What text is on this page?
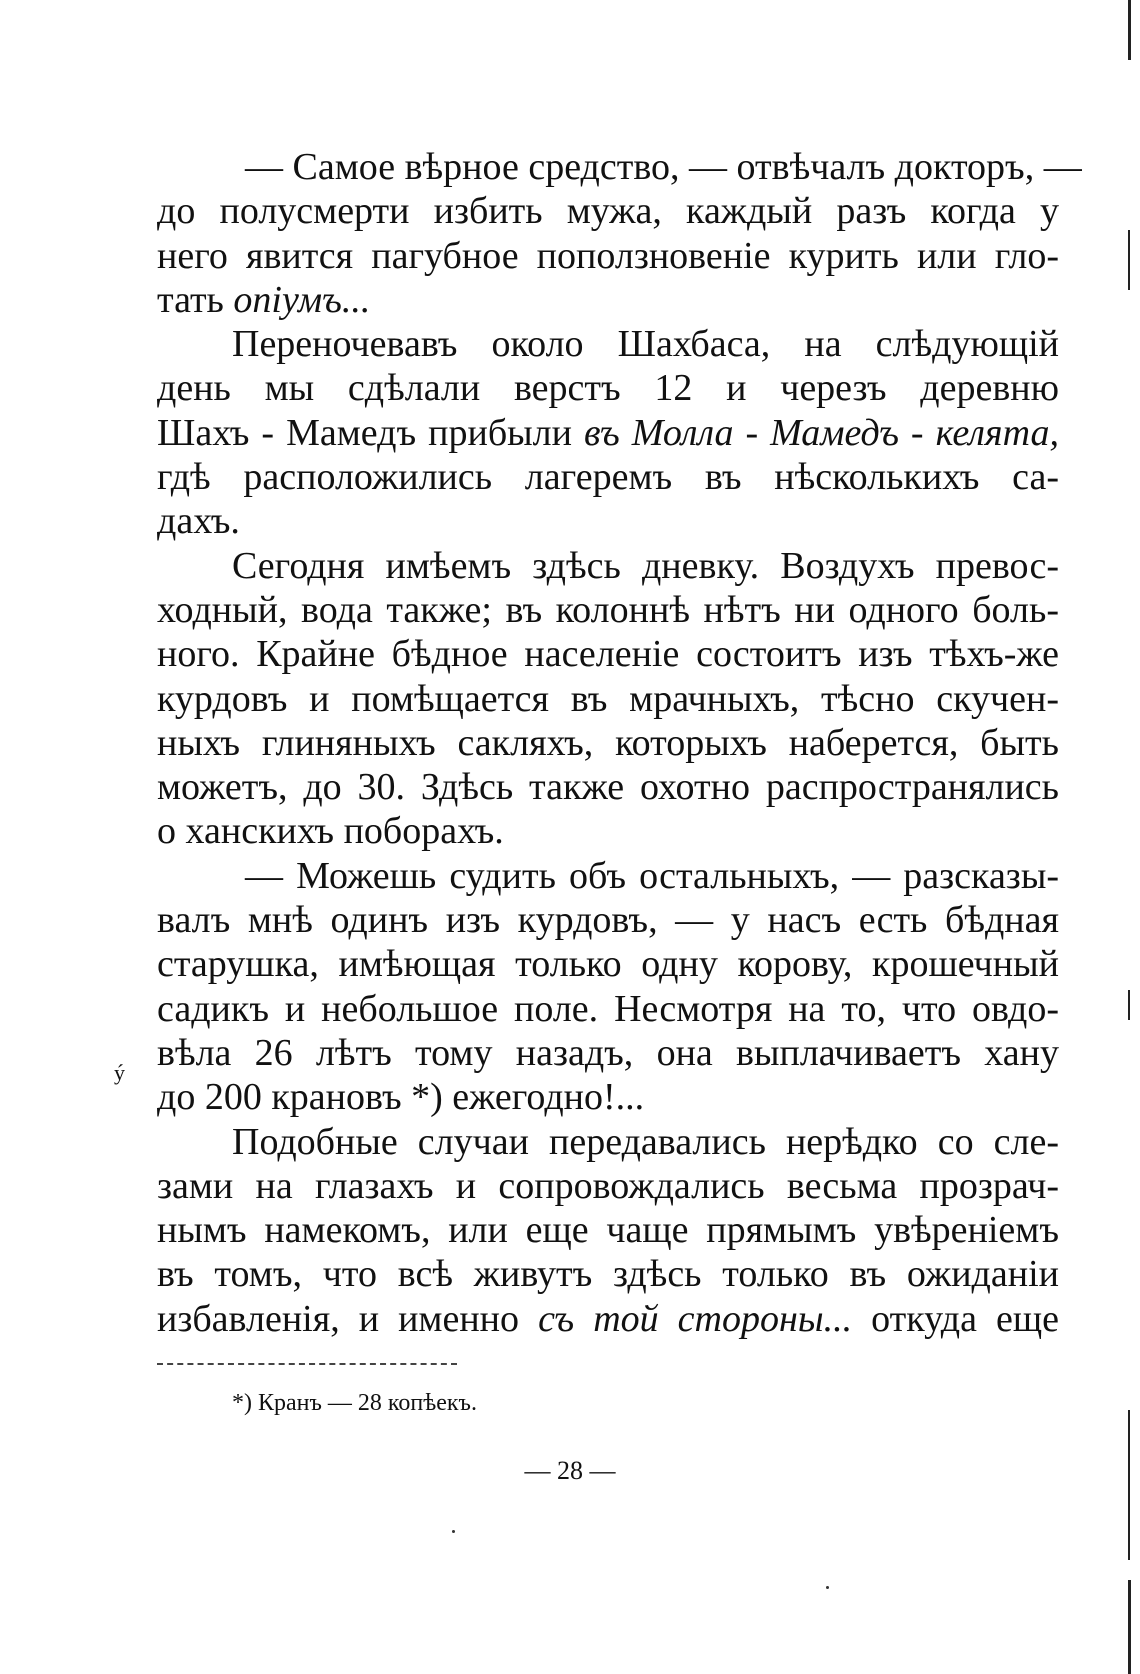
— Самое вѣрное средство, — отвѣчалъ докторъ, —
до полусмерти избить мужа, каждый разъ когда у
него явится пагубное поползновенiе курить или гло-
тать опiумъ...
Переночевавъ около Шахбаса, на слѣдующiй
день мы сдѣлали верстъ 12 и черезъ деревню
Шахъ - Мамедъ прибыли въ Молла - Мамедъ - келята,
гдѣ расположились лагеремъ въ нѣсколькихъ са-
дахъ.
Сегодня имѣемъ здѣсь дневку. Воздухъ превос-
ходный, вода также; въ колоннѣ нѣтъ ни одного боль-
ного. Крайне бѣдное населенiе состоитъ изъ тѣхъ-же
курдовъ и помѣщается въ мрачныхъ, тѣсно скучен-
ныхъ глиняныхъ сакляхъ, которыхъ наберется, быть
можетъ, до 30. Здѣсь также охотно распространялись
о ханскихъ поборахъ.
— Можешь судить объ остальныхъ, — разсказы-
валъ мнѣ одинъ изъ курдовъ, — у насъ есть бѣдная
старушка, имѣющая только одну корову, крошечный
садикъ и небольшое поле. Несмотря на то, что овдо-
вѣла 26 лѣтъ тому назадъ, она выплачиваетъ хану
до 200 крановъ *) ежегодно!...
Подобные случаи передавались нерѣдко со сле-
зами на глазахъ и сопровождались весьма прозрач-
нымъ намекомъ, или еще чаще прямымъ увѣренiемъ
въ томъ, что всѣ живутъ здѣсь только въ ожиданiи
избавленiя, и именно съ той стороны... откуда еще
*) Кранъ — 28 копѣекъ.
— 28 —
ý
